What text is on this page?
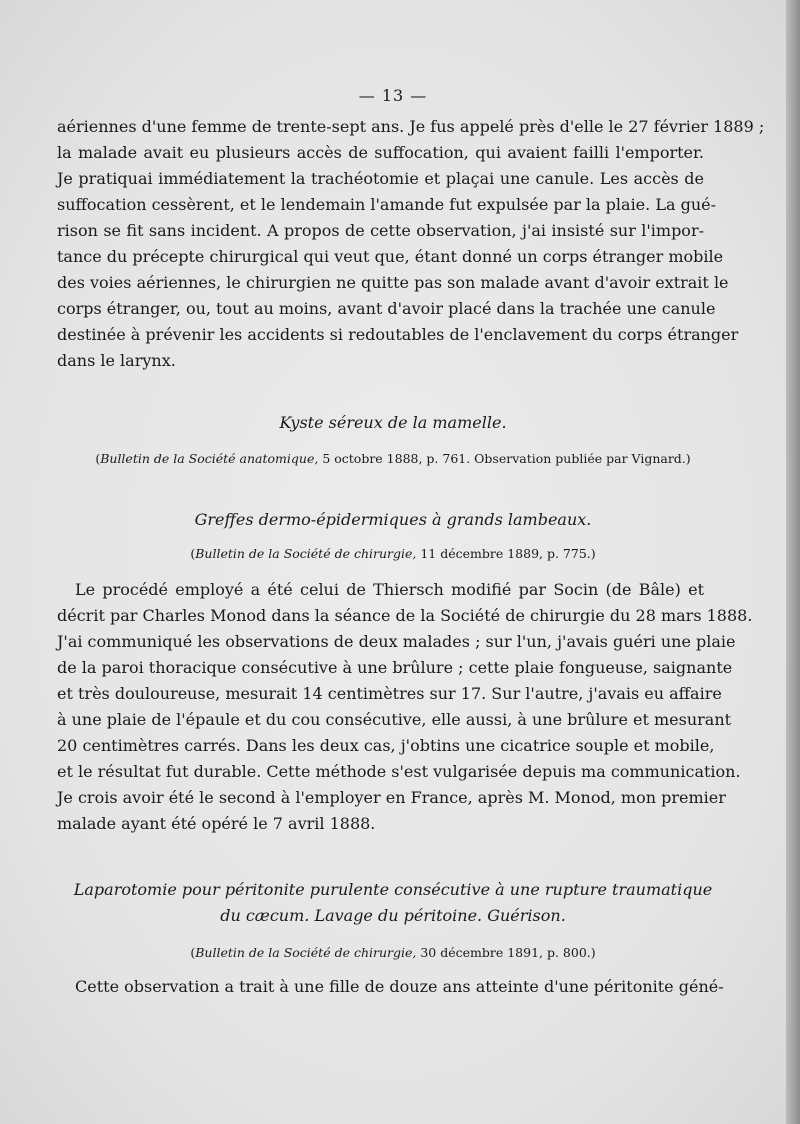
— 13 —
aériennes d'une femme de trente-sept ans. Je fus appelé près d'elle le 27 février 1889 ;
la malade avait eu plusieurs accès de suffocation, qui avaient failli l'emporter.
Je pratiquai immédiatement la trachéotomie et plaçai une canule. Les accès de
suffocation cessèrent, et le lendemain l'amande fut expulsée par la plaie. La gué-
rison se fit sans incident. A propos de cette observation, j'ai insisté sur l'impor-
tance du précepte chirurgical qui veut que, étant donné un corps étranger mobile
des voies aériennes, le chirurgien ne quitte pas son malade avant d'avoir extrait le
corps étranger, ou, tout au moins, avant d'avoir placé dans la trachée une canule
destinée à prévenir les accidents si redoutables de l'enclavement du corps étranger
dans le larynx.
Kyste séreux de la mamelle.
(Bulletin de la Société anatomique, 5 octobre 1888, p. 761. Observation publiée par Vignard.)
Greffes dermo-épidermiques à grands lambeaux.
(Bulletin de la Société de chirurgie, 11 décembre 1889, p. 775.)
Le procédé employé a été celui de Thiersch modifié par Socin (de Bâle) et
décrit par Charles Monod dans la séance de la Société de chirurgie du 28 mars 1888.
J'ai communiqué les observations de deux malades ; sur l'un, j'avais guéri une plaie
de la paroi thoracique consécutive à une brûlure ; cette plaie fongueuse, saignante
et très douloureuse, mesurait 14 centimètres sur 17. Sur l'autre, j'avais eu affaire
à une plaie de l'épaule et du cou consécutive, elle aussi, à une brûlure et mesurant
20 centimètres carrés. Dans les deux cas, j'obtins une cicatrice souple et mobile,
et le résultat fut durable. Cette méthode s'est vulgarisée depuis ma communication.
Je crois avoir été le second à l'employer en France, après M. Monod, mon premier
malade ayant été opéré le 7 avril 1888.
Laparotomie pour péritonite purulente consécutive à une rupture traumatique
du cæcum. Lavage du péritoine. Guérison.
(Bulletin de la Société de chirurgie, 30 décembre 1891, p. 800.)
Cette observation a trait à une fille de douze ans atteinte d'une péritonite géné-
